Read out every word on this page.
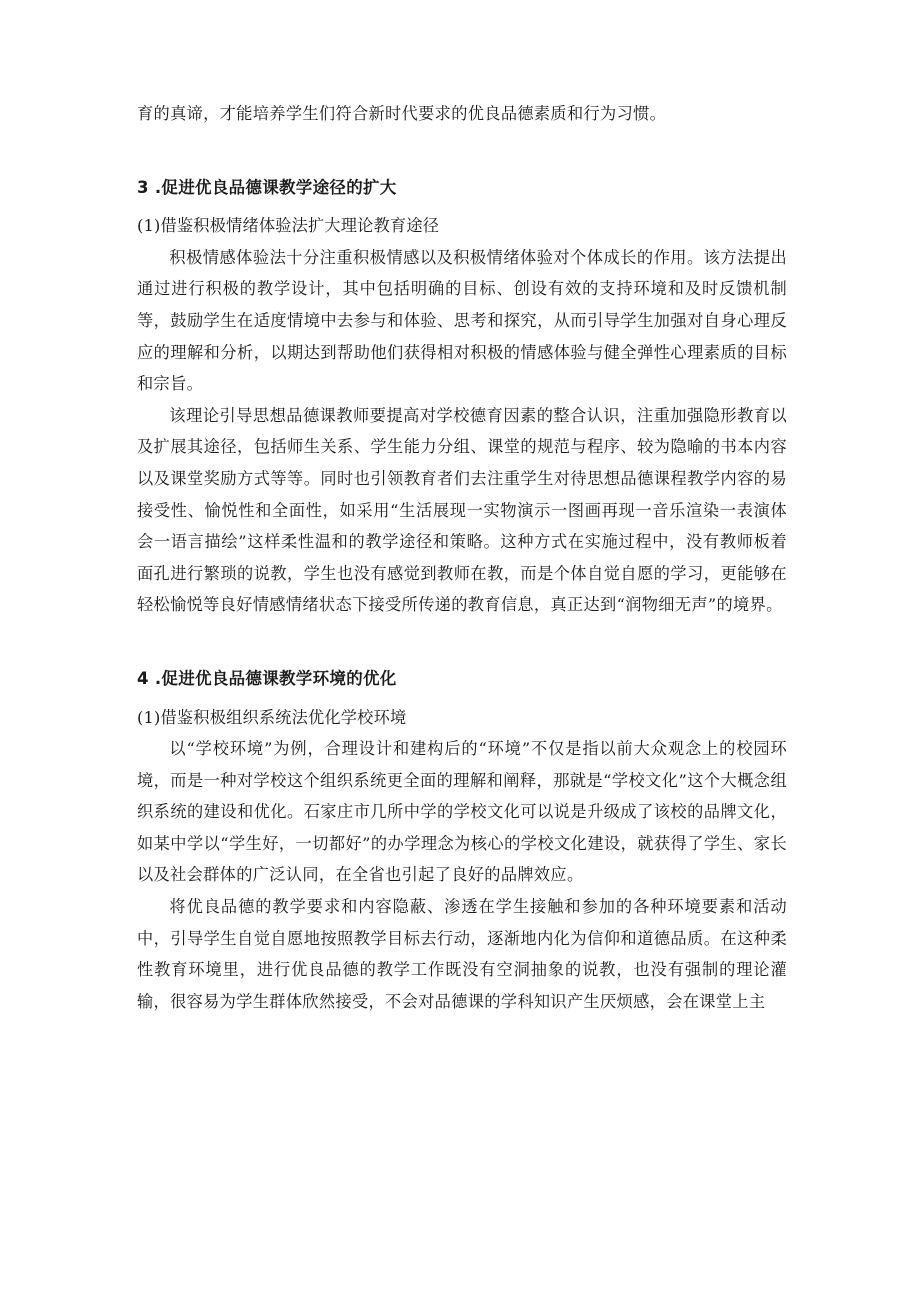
育的真谛，才能培养学生们符合新时代要求的优良品德素质和行为习惯。

3 .促进优良品德课教学途径的扩大

(1)借鉴积极情绪体验法扩大理论教育途径

积极情感体验法十分注重积极情感以及积极情绪体验对个体成长的作用。该方法提出通过进行积极的教学设计，其中包括明确的目标、创设有效的支持环境和及时反馈机制等，鼓励学生在适度情境中去参与和体验、思考和探究，从而引导学生加强对自身心理反应的理解和分析，以期达到帮助他们获得相对积极的情感体验与健全弹性心理素质的目标和宗旨。

该理论引导思想品德课教师要提高对学校德育因素的整合认识，注重加强隐形教育以及扩展其途径，包括师生关系、学生能力分组、课堂的规范与程序、较为隐喻的书本内容以及课堂奖励方式等等。同时也引领教育者们去注重学生对待思想品德课程教学内容的易接受性、愉悦性和全面性，如采用“生活展现一实物演示一图画再现一音乐渲染一表演体会一语言描绘”这样柔性温和的教学途径和策略。这种方式在实施过程中，没有教师板着面孔进行繁琐的说教，学生也没有感觉到教师在教，而是个体自觉自愿的学习，更能够在轻松愉悦等良好情感情绪状态下接受所传递的教育信息，真正达到“润物细无声”的境界。

4 .促进优良品德课教学环境的优化

(1)借鉴积极组织系统法优化学校环境

以“学校环境”为例，合理设计和建构后的“环境”不仅是指以前大众观念上的校园环境，而是一种对学校这个组织系统更全面的理解和阐释，那就是“学校文化”这个大概念组织系统的建设和优化。石家庄市几所中学的学校文化可以说是升级成了该校的品牌文化，如某中学以“学生好，一切都好”的办学理念为核心的学校文化建设，就获得了学生、家长以及社会群体的广泛认同，在全省也引起了良好的品牌效应。

将优良品德的教学要求和内容隐蔽、渗透在学生接触和参加的各种环境要素和活动中，引导学生自觉自愿地按照教学目标去行动，逐渐地内化为信仰和道德品质。在这种柔性教育环境里，进行优良品德的教学工作既没有空洞抽象的说教，也没有强制的理论灌输，很容易为学生群体欣然接受，不会对品德课的学科知识产生厌烦感，会在课堂上主
